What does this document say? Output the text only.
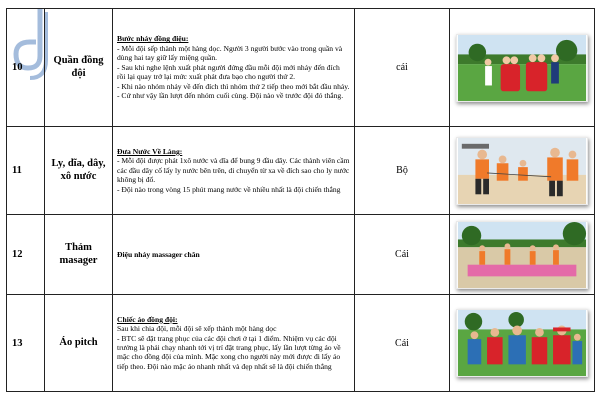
10	Quần đồng đội	Bước nhảy đồng điệu:
- Mỗi đội sếp thành một hàng dọc. Người 3 người bước vào trong quần và dùng hai tay giữ lấy miệng quần.
- Sau khi nghe lệnh xuất phát người đứng đầu mỗi đội mới nhảy đến đích rồi lại quay trở lại mức xuất phát đưa bạo cho người thứ 2.
- Khi nào nhóm nhảy về đến đích thì nhóm thứ 2 tiếp theo mới bắt đầu nhảy.
- Cứ như vậy lần lượt đến nhóm cuối cùng. Đội nào về trước đội đó thắng.	cái	

11	Ly, dĩa, dây, xô nước	Đưa Nước Về Làng:
- Mỗi đội được phát 1xô nước và dĩa để bung 9 đầu dây. Các thành viên cầm các đầu dây cố lấy ly nước bên trên, di chuyển từ xa về đích sao cho ly nước không bị đổ.
- Đội nào trong vòng 15 phút mang nước về nhiều nhất là đội chiến thắng	Bộ	

12	Thảm masager	Điệu nhảy massager chân	Cái	

13	Áo pitch	Chiếc áo đồng đội:
Sau khi chia đội, mỗi đội sẽ xếp thành một hàng dọc
- BTC sẽ đặt trang phục của các đội chơi ở tại 1 điểm. Nhiệm vụ các đội trưởng là phải chạy nhanh tới vị trí đặt trang phục, lấy lần lượt từng áo về mặc cho đồng đội của mình. Mặc xong cho người này mới được đi lấy áo tiếp theo. Đội nào mặc áo nhanh nhất và đẹp nhất sẽ là đội chiến thắng	Cái	
